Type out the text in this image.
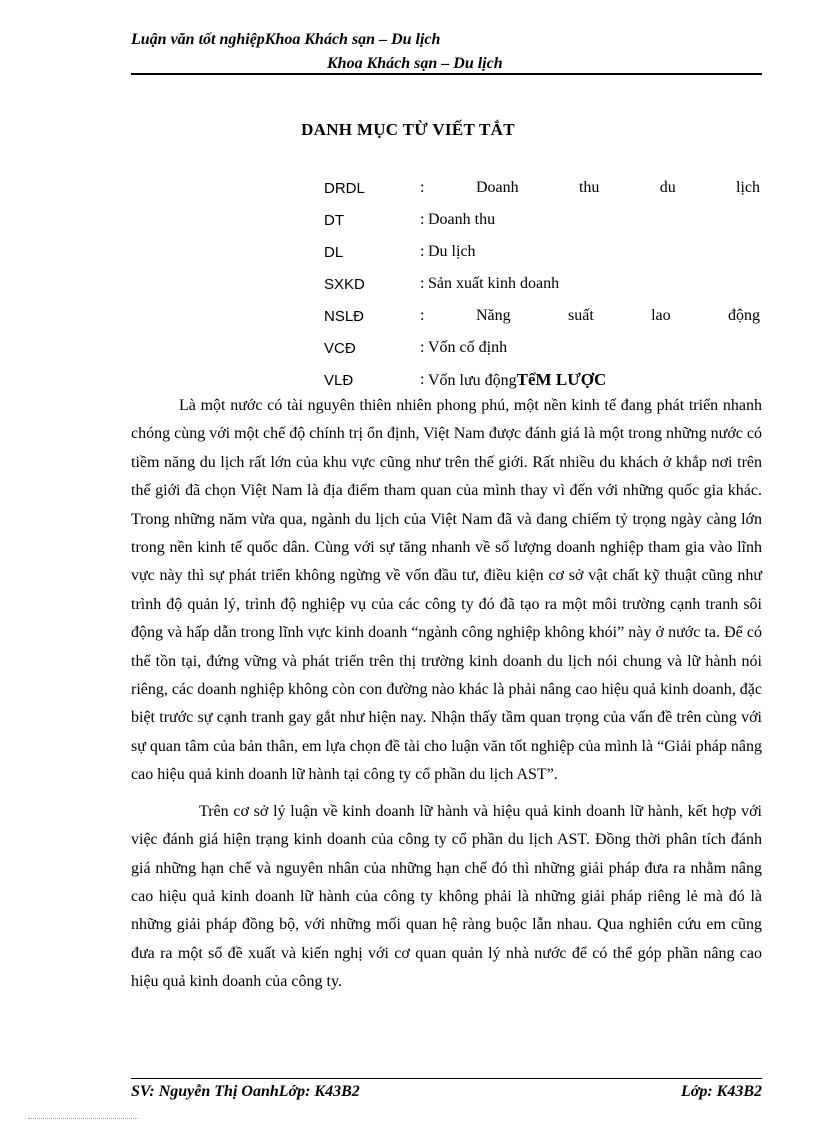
Luận văn tốt nghiệpKhoa Khách sạn – Du lịch
Khoa Khách sạn – Du lịch
DANH MỤC TỪ VIẾT TẮT
DRDL	:	Doanh	thu	du	lịch
DT	: Doanh thu
DL	: Du lịch
SXKD	: Sản xuất kinh doanh
NSLĐ	:	Năng	suất	lao	động
VCĐ	: Vốn cố định
VLĐ	: Vốn lưu độngTểM LƯỢC

Là một nước có tài nguyên thiên nhiên phong phú, một nền kinh tế đang phát triển nhanh chóng cùng với một chế độ chính trị ổn định, Việt Nam được đánh giá là một trong những nước có tiềm năng du lịch rất lớn của khu vực cũng như trên thế giới. Rất nhiều du khách ở khắp nơi trên thế giới đã chọn Việt Nam là địa điểm tham quan của mình thay vì đến với những quốc gia khác. Trong những năm vừa qua, ngành du lịch của Việt Nam đã và đang chiếm tỷ trọng ngày càng lớn trong nền kinh tế quốc dân. Cùng với sự tăng nhanh về số lượng doanh nghiệp tham gia vào lĩnh vực này thì sự phát triển không ngừng về vốn đầu tư, điều kiện cơ sở vật chất kỹ thuật cũng như trình độ quản lý, trình độ nghiệp vụ của các công ty đó đã tạo ra một môi trường cạnh tranh sôi động và hấp dẫn trong lĩnh vực kinh doanh “ngành công nghiệp không khói” này ở nước ta. Để có thể tồn tại, đứng vững và phát triển trên thị trường kinh doanh du lịch nói chung và lữ hành nói riêng, các doanh nghiệp không còn con đường nào khác là phải nâng cao hiệu quả kinh doanh, đặc biệt trước sự cạnh tranh gay gắt như hiện nay. Nhận thấy tầm quan trọng của vấn đề trên cùng với sự quan tâm của bản thân, em lựa chọn đề tài cho luận văn tốt nghiệp của mình là “Giải pháp nâng cao hiệu quả kinh doanh lữ hành tại công ty cổ phần du lịch AST”.

Trên cơ sở lý luận về kinh doanh lữ hành và hiệu quả kinh doanh lữ hành, kết hợp với việc đánh giá hiện trạng kinh doanh của công ty cổ phần du lịch AST. Đồng thời phân tích đánh giá những hạn chế và nguyên nhân của những hạn chế đó thì những giải pháp đưa ra nhằm nâng cao hiệu quả kinh doanh lữ hành của công ty không phải là những giải pháp riêng lẻ mà đó là những giải pháp đồng bộ, với những mối quan hệ ràng buộc lẫn nhau. Qua nghiên cứu em cũng đưa ra một số đề xuất và kiến nghị với cơ quan quản lý nhà nước để có thể góp phần nâng cao hiệu quả kinh doanh của công ty.

SV: Nguyễn Thị OanhLớp: K43B2	Lớp: K43B2
